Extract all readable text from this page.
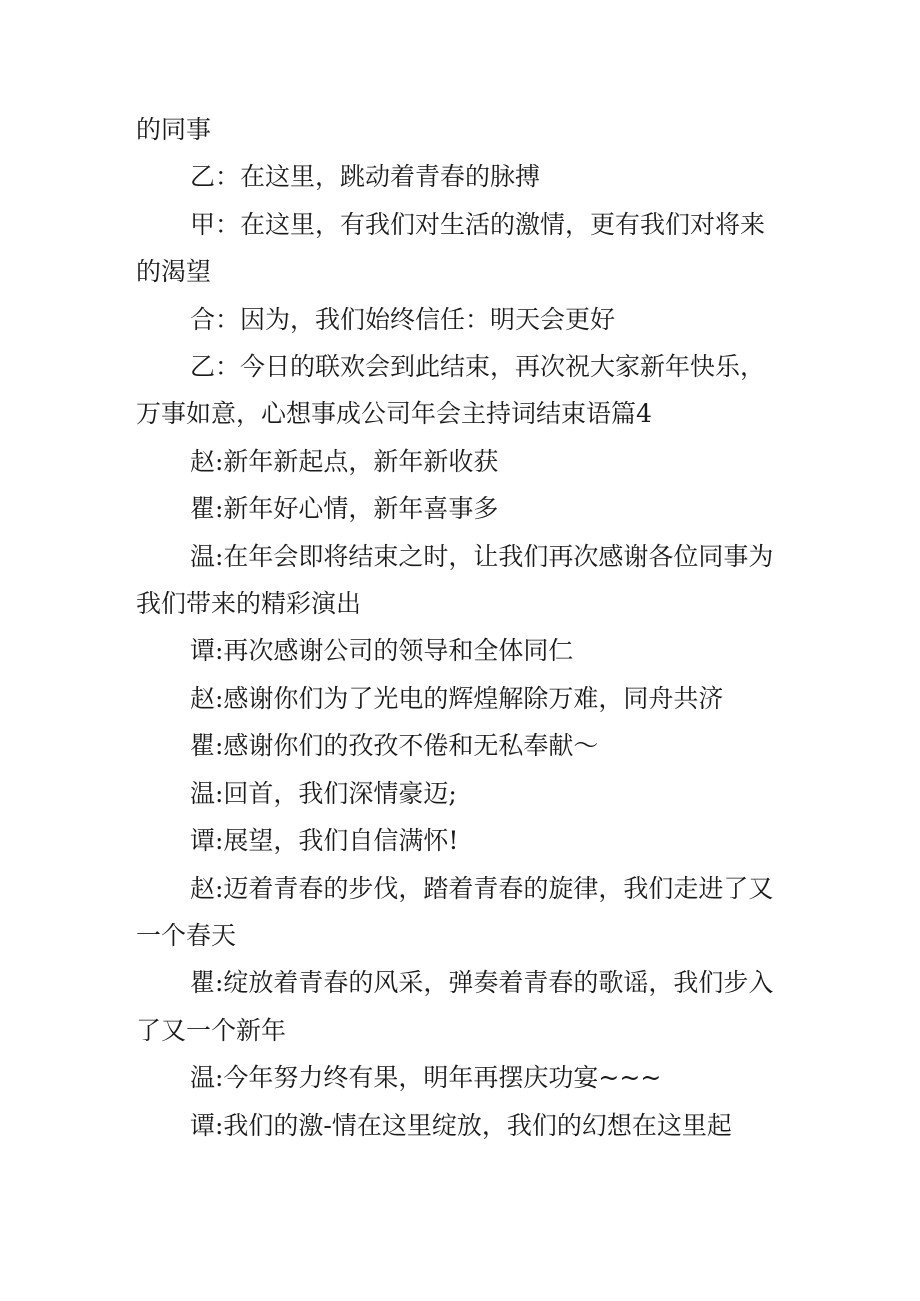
的同事

乙：在这里，跳动着青春的脉搏

甲：在这里，有我们对生活的激情，更有我们对将来的渴望

合：因为，我们始终信任：明天会更好

乙：今日的联欢会到此结束，再次祝大家新年快乐，万事如意，心想事成公司年会主持词结束语篇4

赵:新年新起点，新年新收获

瞿:新年好心情，新年喜事多

温:在年会即将结束之时，让我们再次感谢各位同事为我们带来的精彩演出

谭:再次感谢公司的领导和全体同仁

赵:感谢你们为了光电的辉煌解除万难，同舟共济

瞿:感谢你们的孜孜不倦和无私奉献～

温:回首，我们深情豪迈;

谭:展望，我们自信满怀!

赵:迈着青春的步伐，踏着青春的旋律，我们走进了又一个春天

瞿:绽放着青春的风采，弹奏着青春的歌谣，我们步入了又一个新年

温:今年努力终有果，明年再摆庆功宴~~~

谭:我们的激-情在这里绽放，我们的幻想在这里起
